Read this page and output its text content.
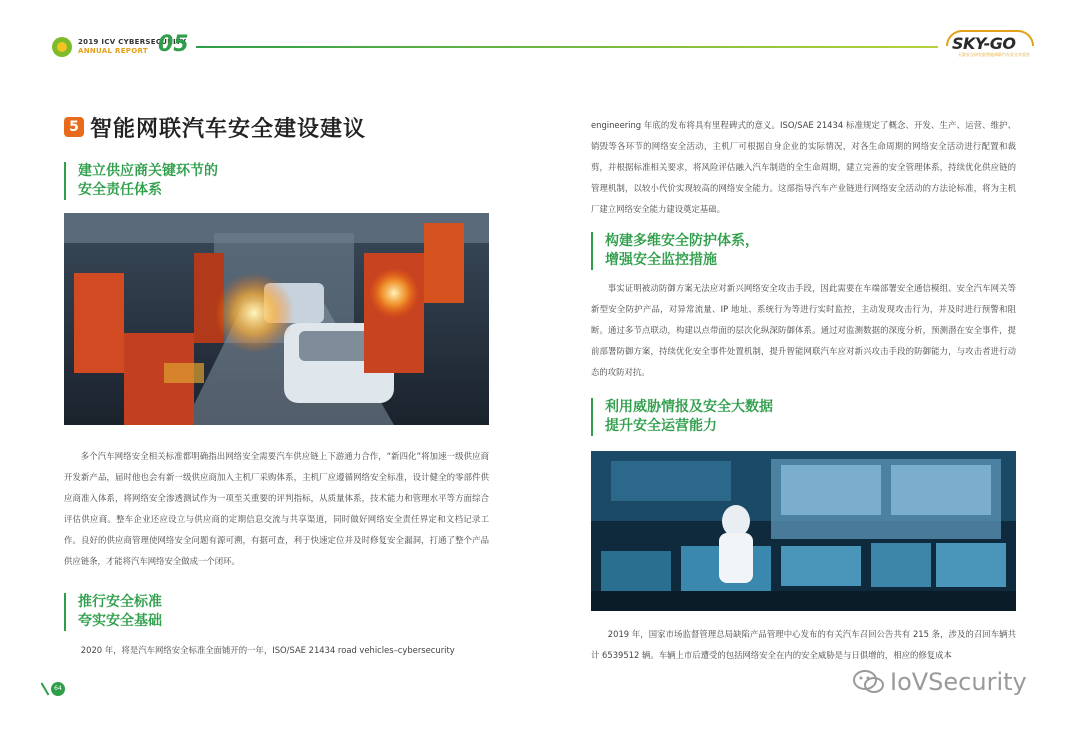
2019 ICV CYBERSECURITY
ANNUAL REPORT 05	SKY-GO
天源安全研究院智能网联汽车安全实验室
5 智能网联汽车安全建设建议
建立供应商关键环节的
安全责任体系
多个汽车网络安全相关标准都明确指出网络安全需要汽车供应链上下游通力合作，“新四化”将加速一级供应商开发新产品，届时他也会有新一级供应商加入主机厂采购体系，主机厂应遵循网络安全标准，设计健全的零部件供应商准入体系，将网络安全渗透测试作为一项至关重要的评判指标，从质量体系，技术能力和管理水平等方面综合评估供应商。整车企业还应设立与供应商的定期信息交流与共享渠道，同时做好网络安全责任界定和文档记录工作。良好的供应商管理使网络安全问题有源可溯，有据可查，利于快速定位并及时修复安全漏洞，打通了整个产品供应链条，才能将汽车网络安全做成一个闭环。
推行安全标准
夸实安全基础
2020 年，将是汽车网络安全标准全面铺开的一年，ISO/SAE 21434 road vehicles–cybersecurity
engineering 年底的发布将具有里程碑式的意义。ISO/SAE 21434 标准规定了概念、开发、生产、运营、维护、销毁等各环节的网络安全活动，主机厂可根据自身企业的实际情况，对各生命周期的网络安全活动进行配置和裁剪，并根据标准相关要求，将风险评估融入汽车制造的全生命周期，建立完善的安全管理体系，持续优化供应链的管理机制，以较小代价实现较高的网络安全能力。这部指导汽车产业链进行网络安全活动的方法论标准，将为主机厂建立网络安全能力建设奠定基础。
构建多维安全防护体系，
增强安全监控措施
事实证明被动防御方案无法应对新兴网络安全攻击手段，因此需要在车端部署安全通信模组、安全汽车网关等新型安全防护产品，对异常流量、IP 地址、系统行为等进行实时监控，主动发现攻击行为，并及时进行预警和阻断。通过多节点联动，构建以点带面的层次化纵深防御体系。通过对监测数据的深度分析，预测潜在安全事件，提前部署防御方案，持续优化安全事件处置机制，提升智能网联汽车应对新兴攻击手段的防御能力，与攻击者进行动态的攻防对抗。
利用威胁情报及安全大数据
提升安全运营能力
2019 年，国家市场监督管理总局缺陷产品管理中心发布的有关汽车召回公告共有 215 条，涉及的召回车辆共计 6539512 辆。车辆上市后遭受的包括网络安全在内的安全威胁是与日俱增的，相应的修复成本
64	IoVSecurity
